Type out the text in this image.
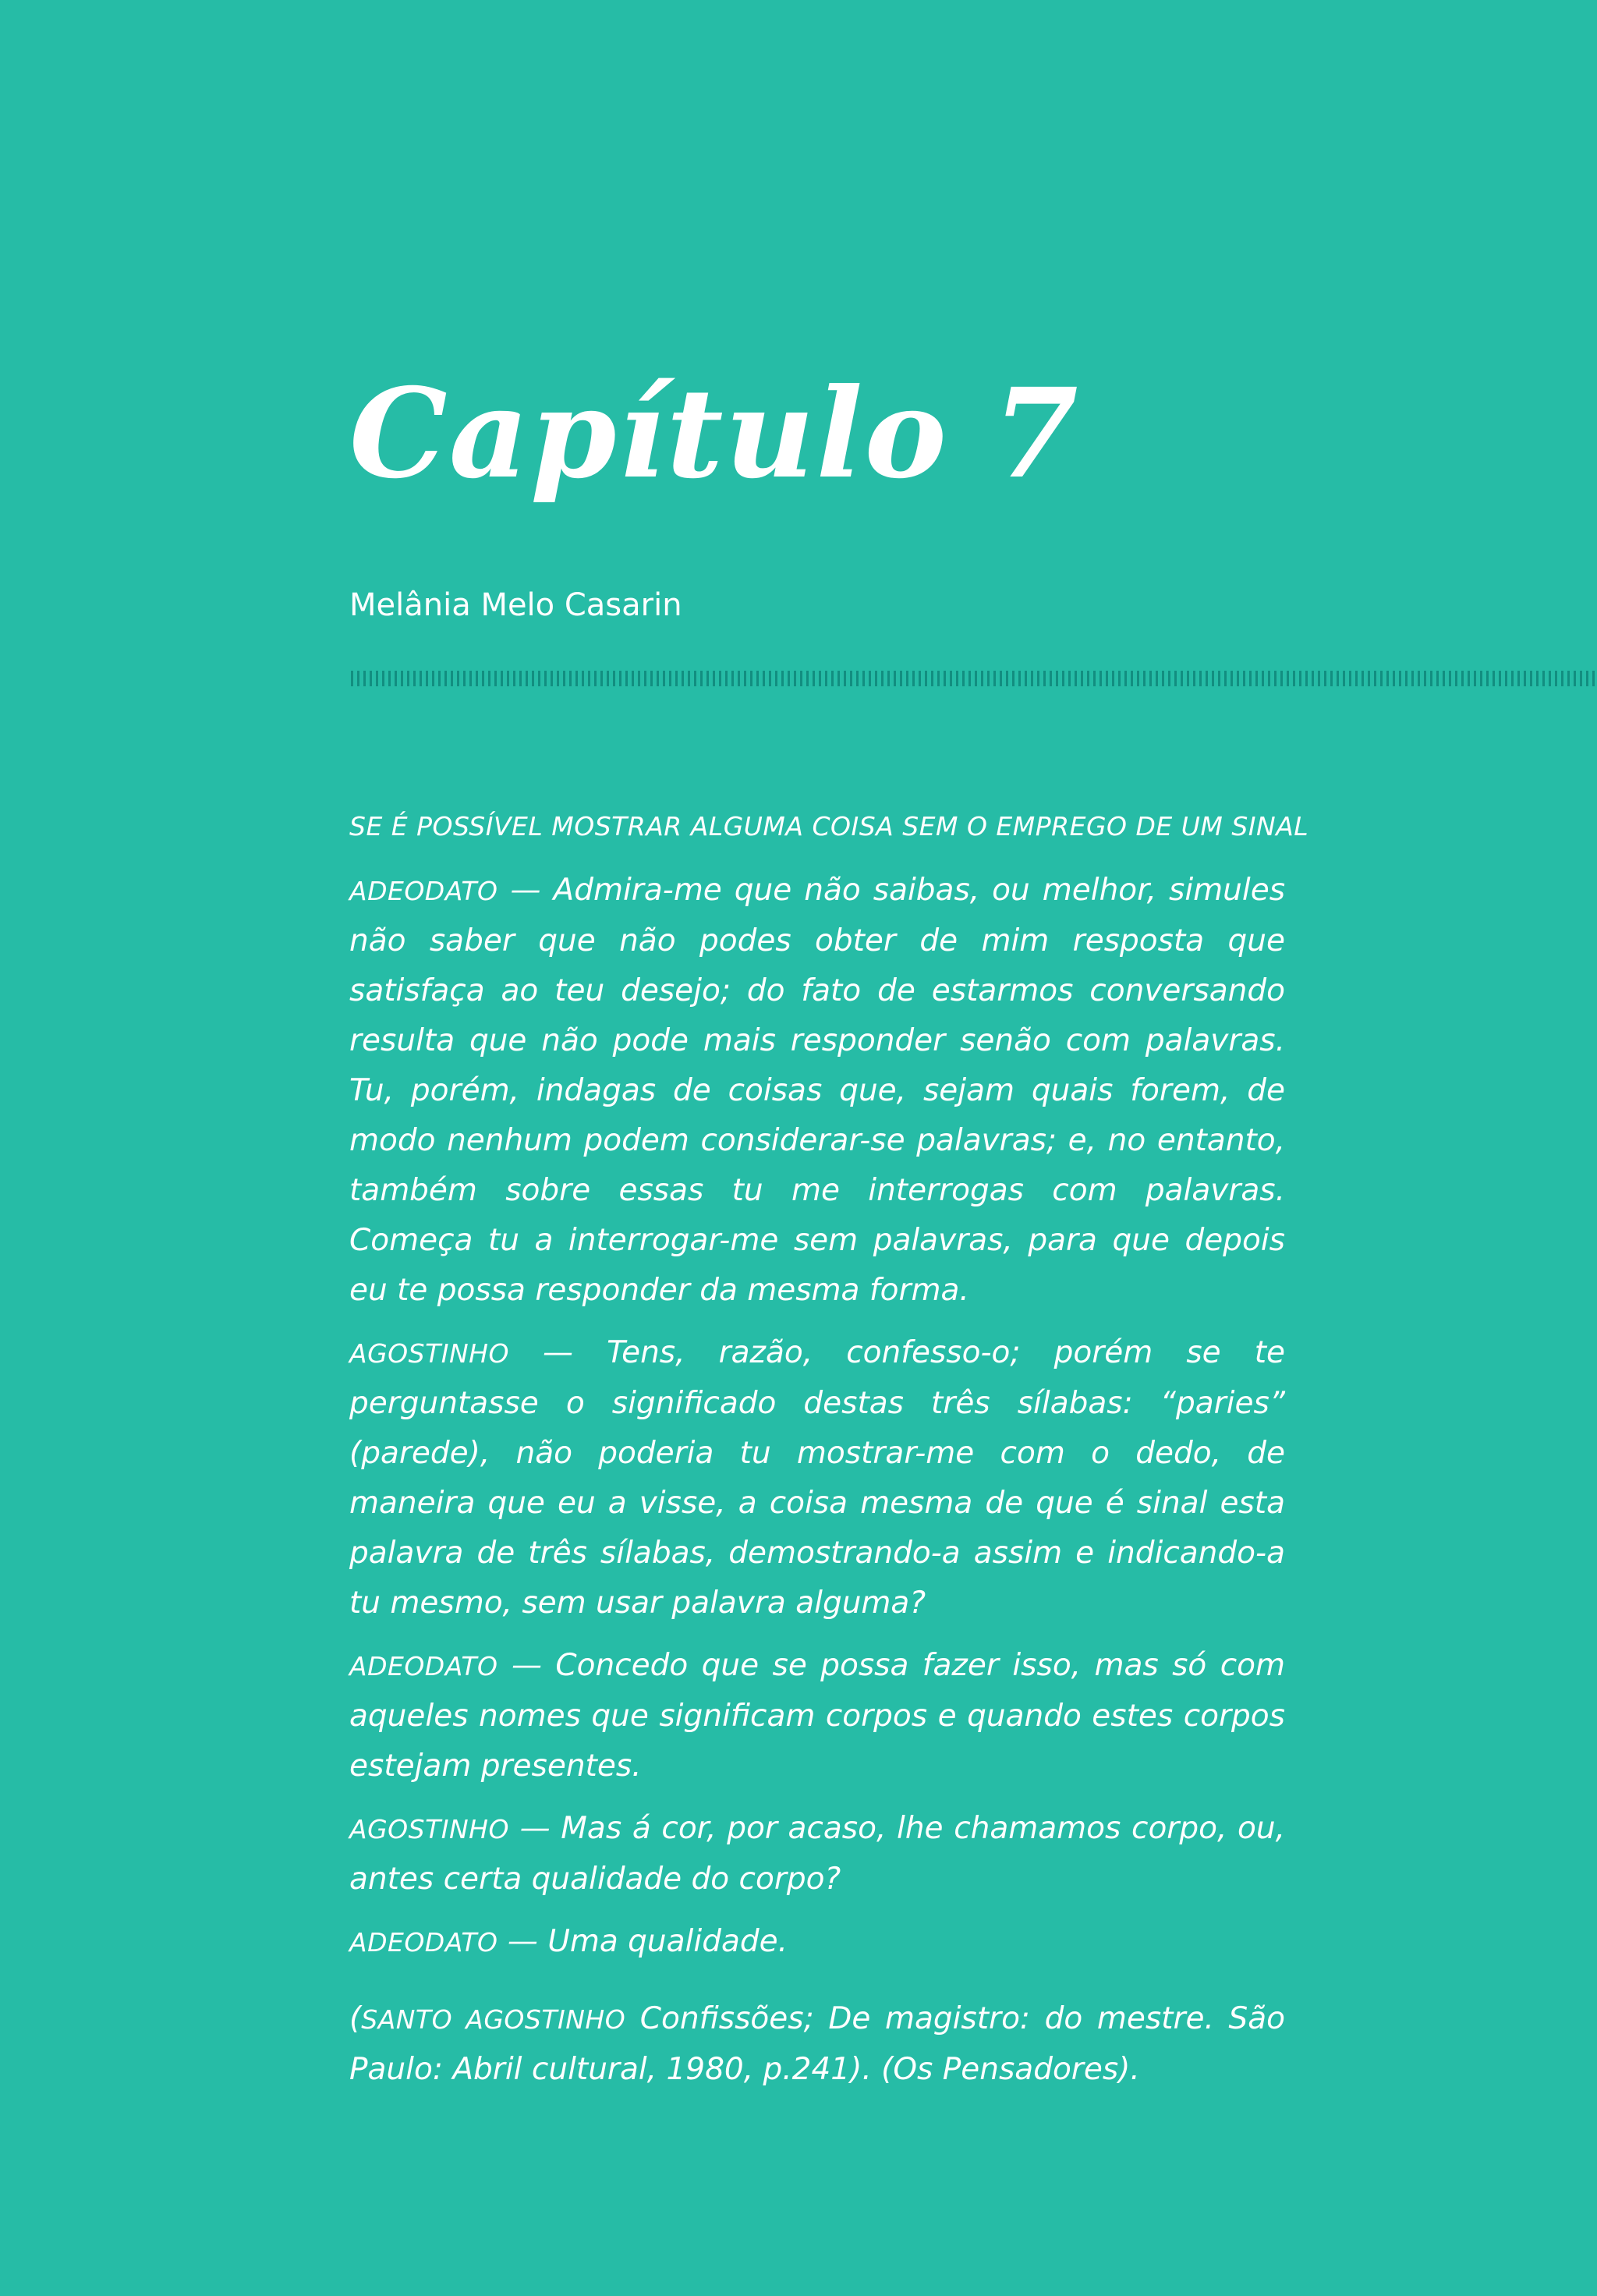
Capítulo 7

Melânia Melo Casarin

SE É POSSÍVEL MOSTRAR ALGUMA COISA SEM O EMPREGO DE UM SINAL

ADEODATO — Admira-me que não saibas, ou melhor, simules não saber que não podes obter de mim resposta que satisfaça ao teu desejo; do fato de estarmos conversando resulta que não pode mais responder senão com palavras. Tu, porém, indagas de coisas que, sejam quais forem, de modo nenhum podem considerar-se palavras; e, no entanto, também sobre essas tu me interrogas com palavras. Começa tu a interrogar-me sem palavras, para que depois eu te possa responder da mesma forma.

AGOSTINHO — Tens, razão, confesso-o; porém se te perguntasse o significado destas três sílabas: “paries” (parede), não poderia tu mostrar-me com o dedo, de maneira que eu a visse, a coisa mesma de que é sinal esta palavra de três sílabas, demostrando-a assim e indicando-a tu mesmo, sem usar palavra alguma?

ADEODATO — Concedo que se possa fazer isso, mas só com aqueles nomes que significam corpos e quando estes corpos estejam presentes.

AGOSTINHO — Mas á cor, por acaso, lhe chamamos corpo, ou, antes certa qualidade do corpo?

ADEODATO — Uma qualidade.

(SANTO AGOSTINHO Confissões; De magistro: do mestre. São Paulo: Abril cultural, 1980, p.241). (Os Pensadores).
